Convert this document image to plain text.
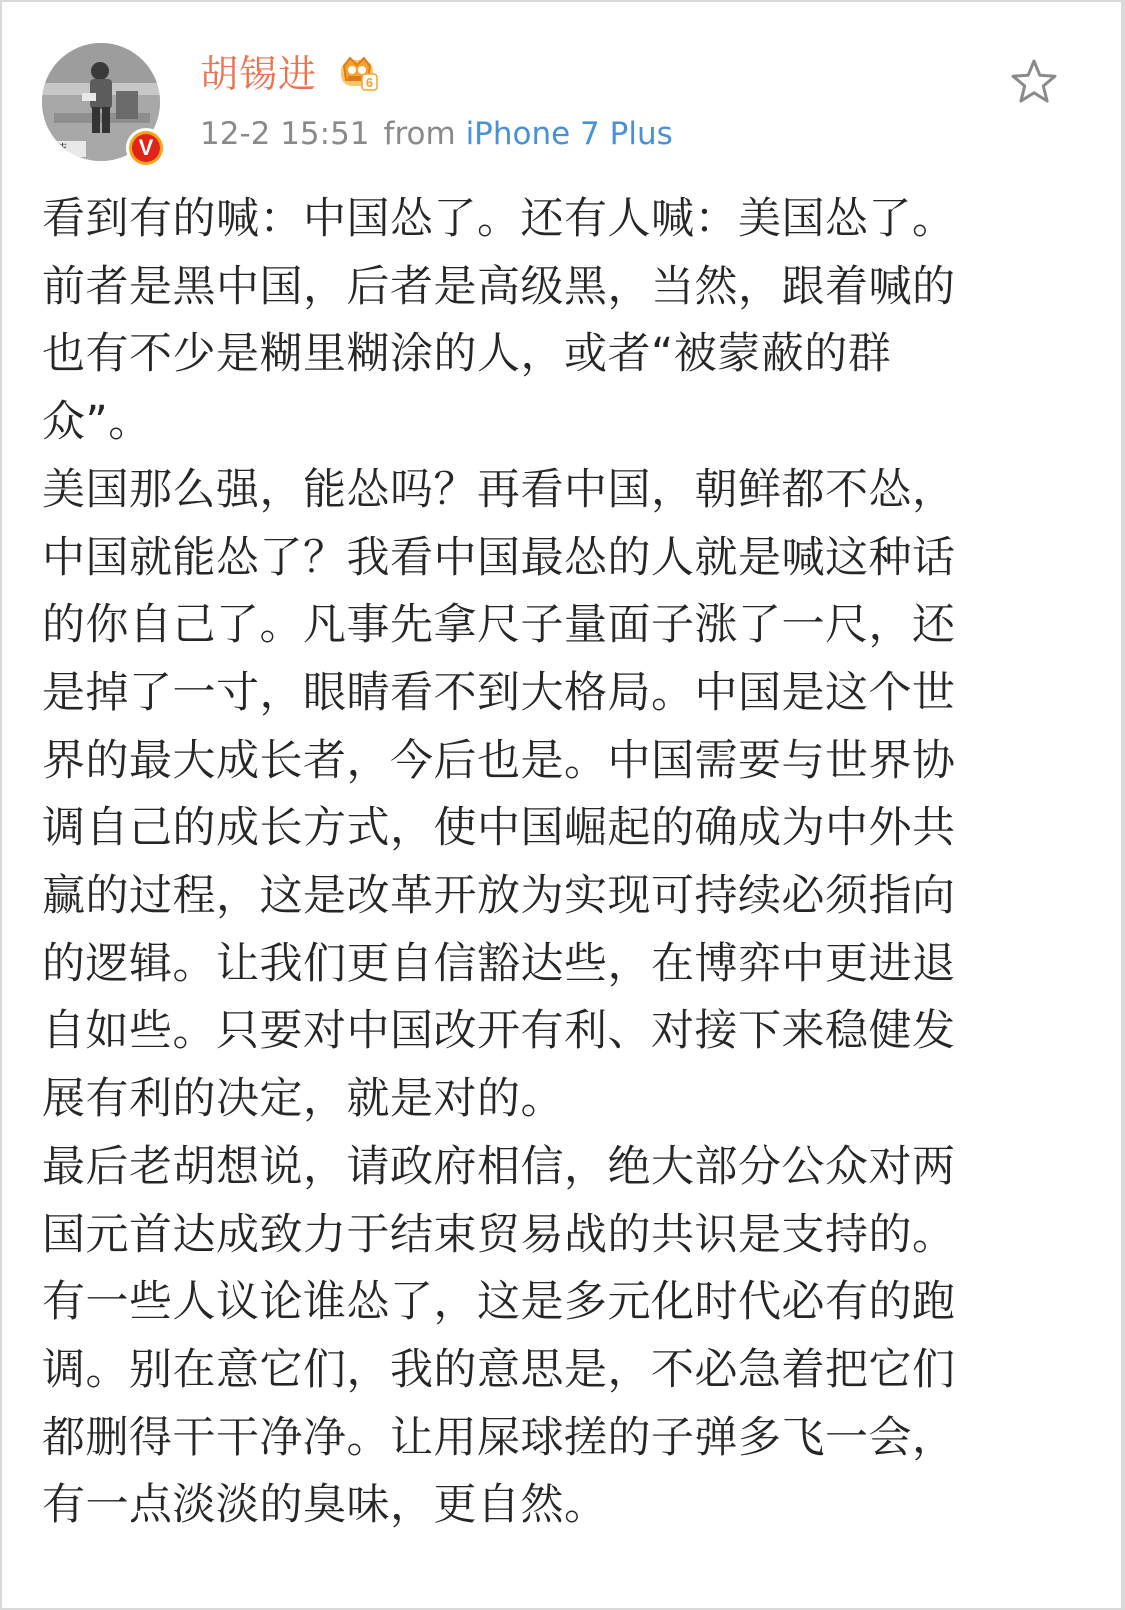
萨	V
胡锡进	6
12-2 15:51 from iPhone 7 Plus
看到有的喊：中国怂了。还有人喊：美国怂了。
前者是黑中国，后者是高级黑，当然，跟着喊的
也有不少是糊里糊涂的人，或者“被蒙蔽的群
众”。
美国那么强，能怂吗？再看中国，朝鲜都不怂，
中国就能怂了？我看中国最怂的人就是喊这种话
的你自己了。凡事先拿尺子量面子涨了一尺，还
是掉了一寸，眼睛看不到大格局。中国是这个世
界的最大成长者，今后也是。中国需要与世界协
调自己的成长方式，使中国崛起的确成为中外共
赢的过程，这是改革开放为实现可持续必须指向
的逻辑。让我们更自信豁达些，在博弈中更进退
自如些。只要对中国改开有利、对接下来稳健发
展有利的决定，就是对的。
最后老胡想说，请政府相信，绝大部分公众对两
国元首达成致力于结束贸易战的共识是支持的。
有一些人议论谁怂了，这是多元化时代必有的跑
调。别在意它们，我的意思是，不必急着把它们
都删得干干净净。让用屎球搓的子弹多飞一会，
有一点淡淡的臭味，更自然。
